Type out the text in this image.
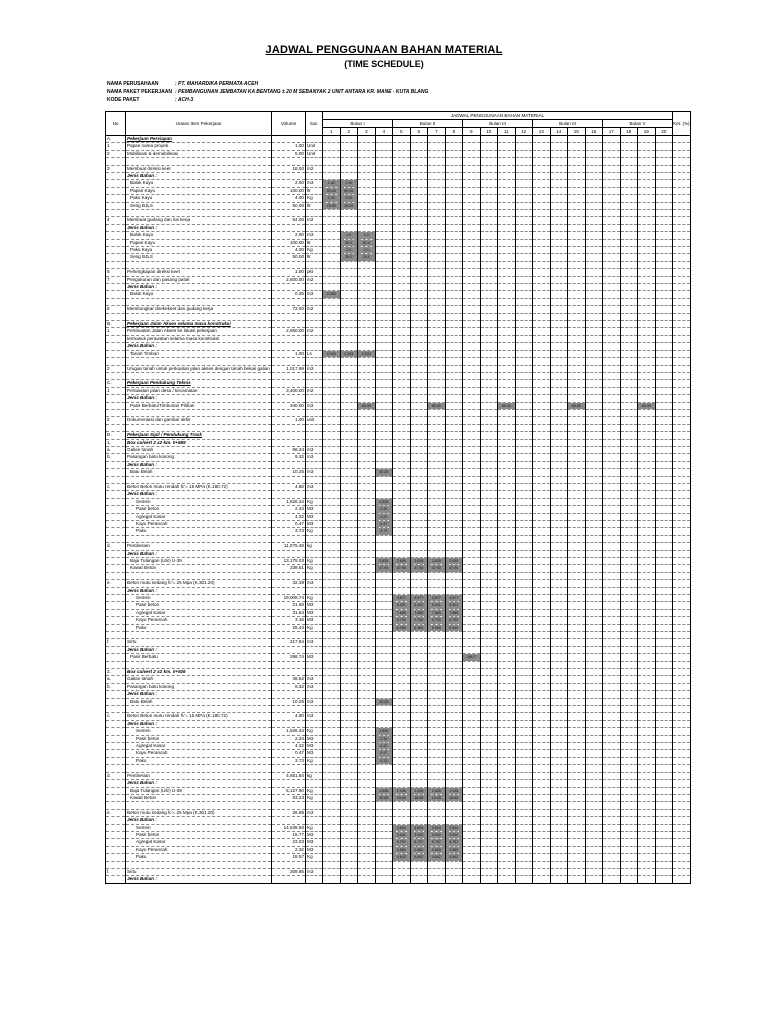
JADWAL PENGGUNAAN BAHAN MATERIAL
(TIME SCHEDULE)
NAMA PERUSAHAAN	: PT. MAHARDIKA PERMATA ACEH
NAMA PAKET PEKERJAAN : PEMBANGUNAN JEMBATAN KA BENTANG ± 20 M SEBANYAK 2 UNIT ANTARA KR. MANE - KUTA BLANG
KODE PAKET	: ACH-3
No	Uraian Item Pekerjaan	Volume	Sat.	JADWAL PENGGUNAAN BAHAN MATERIAL																				Ket. (%)
				Bulan I				Bulan II				Bulan III				Bulan III				Bulan V				
				1	2	3	4	5	6	7	8	9	10	11	12	13	14	15	16	17	18	19	20	
A.	Pekerjaan Persiapan																							
1	Papan nama proyek	1.00	Unit																					
2	Mobilisasi & demobilisasi	5.00	Unit																					

3	Membuat direksi keet	18.00	m2																					
	Jenis Bahan :																							
	Balok Kayu	2.00	m3	1.00	1.00																			
	Papan Kayu	100.00	ltr	50.00	50.00																			
	Paku Kayu	4.00	Kg	2.00	2.00																			
	Seng BJLS	50.00	ltr	25.00	25.00																			

4	Membuat gudang dan los kerja	54.00	m2																					
	Jenis Bahan :																							
	Balok Kayu	2.00	m3		1.0	1.0																		
	Papan Kayu	100.00	ltr		50.0	50.0																		
	Paku Kayu	4.00	Kg		2.0	2.0																		
	Seng BJLS	50.00	ltr		25.0	25.0																		

5	Perlengkapan direksi keet	1.00	pkt																					
7	Pengukuran dan pasang patok	2,600.00	m2																					
	Jenis Bahan :																							
	Balok Kayu	0.25	m3	0.250																				

8	Membongkar direkekeet dan gudang kerja	72.00	m2																					

B.	Pekerjaan Jalan Akses selama masa konstruksi																							
1	Pembuatan Jalan Akses ke lokasi pekerjaan	2,550.00	m2																					
	termasuk perawatan selama masa konstruksi																							
	Jenis Bahan :																							
	Tanah Timbun	1.00	Ls	0.333	0.333	0.333																		

2	Urugan tanah untuk perkuatan jalan akses dengan tanah bekas galian	1,017.99	m3																					

C.	Pekerjaan Pendukung Teknis																							
1	Perawatan jalan desa / kecamatan	3,400.00	m2																					
	Jenis Bahan :																							
	Pasir Berbatu/Timbunan Pilihan	340.00	m3			85.00				85.00				85.00				85.00				85.00		

2	Dokumentasi dan gambar akhir	1.00	unit																					

D.	Pekerjaan Sipil / Pendukung Track																							
1.	Box culvert 2 x2 km. 0+869																							
a.	Galian tanah	68.34	m3																					
b.	Pasangan batu kosong	9.32	m3																					
	Jenis Bahan :																							
	Batu Belah	10.25	m3				10.25																	

c.	Beton Beton mutu rendah fc'= 15 MPa (K.180.72)	4.80	m3																					
	Jenis Bahan :																							
	Semen	1,526.34	Kg				1,526																	
	Pasir beton	2.34	M3				2.34																	
	Agregat Kasar	4.22	M3				4.22																	
	Kayu Perancah	0.47	M3				0.47																	
	Paku	3.73	Kg				3.73																	

d.	Pembesian	11,075.48	kg																					
	Jenis Bahan :																							
	Baja Tulangan (Ulir) U-39	13,175.03	Kg				2,635	2,635	2,635	2,635	2,635													
	Kawat Beton	239.51	Kg				47.90	47.90	47.90	47.90	47.90													

e.	Beton mutu sedang fc'= 25 Mpa (K.301.20)	42.39	m3																					
	Jenis Bahan :																							
	Semen	19,008.74	Kg					4,977	4,977	4,977	4,977													
	Pasir beton	21.60	M3					5.401	5.401	5.401	5.401													
	Agregat Kasar	31.54	M3					7.885	7.885	7.885	7.885													
	Kayu Perancah	3.16	M3					0.790	0.790	0.790	0.790													
	Paku	25.43	Kg					6.359	6.359	6.359	6.359													

f.	Sirtu	217.64	m3																					
	Jenis Bahan :																							
	Pasir Berbatu	286.74	M3									286.7												

2.	Box culvert 2 x2 km. 0+926																							
a.	Galian tanah	49.62	m3																					
b.	Pasangan batu kosong	9.32	m3																					
	Jenis Bahan :																							
	Batu Belah	10.25	m3				10.25																	

c.	Beton Beton mutu rendah fc'= 15 MPa (K.180.72)	4.80	m3																					
	Jenis Bahan :																							
	Semen	1,526.34	Kg				1,526																	
	Pasir beton	2.34	M3				2.34																	
	Agregat Kasar	4.22	M3				4.22																	
	Kayu Perancah	0.47	M3				0.47																	
	Paku	3.73	Kg				3.73																	

d.	Pembesian	4,651.84	kg																					
	Jenis Bahan :																							
	Baja Tulangan (Ulir) U-39	5,127.90	Kg				1,026	1,026	1,026	1,026	1,026													
	Kawat Beton	93.23	Kg				18.65	18.65	18.65	18.65	18.65													

e.	Beton mutu sedang fc'= 25 Mpa (K.301.20)	26.95	m3																					
	Jenis Bahan :																							
	Semen	14,536.60	Kg					3,634	3,634	3,634	3,634													
	Pasir beton	15.77	M3					3.940	3.940	3.940	3.940													
	Agregat Kasar	23.03	M3					5.757	5.757	5.757	5.757													
	Kayu Perancah	2.32	M3					0.580	0.580	0.580	0.580													
	Paku	18.57	Kg					4.642	4.642	4.642	4.642													

f.	Sirtu	209.85	m3																					
	Jenis Bahan :																							
